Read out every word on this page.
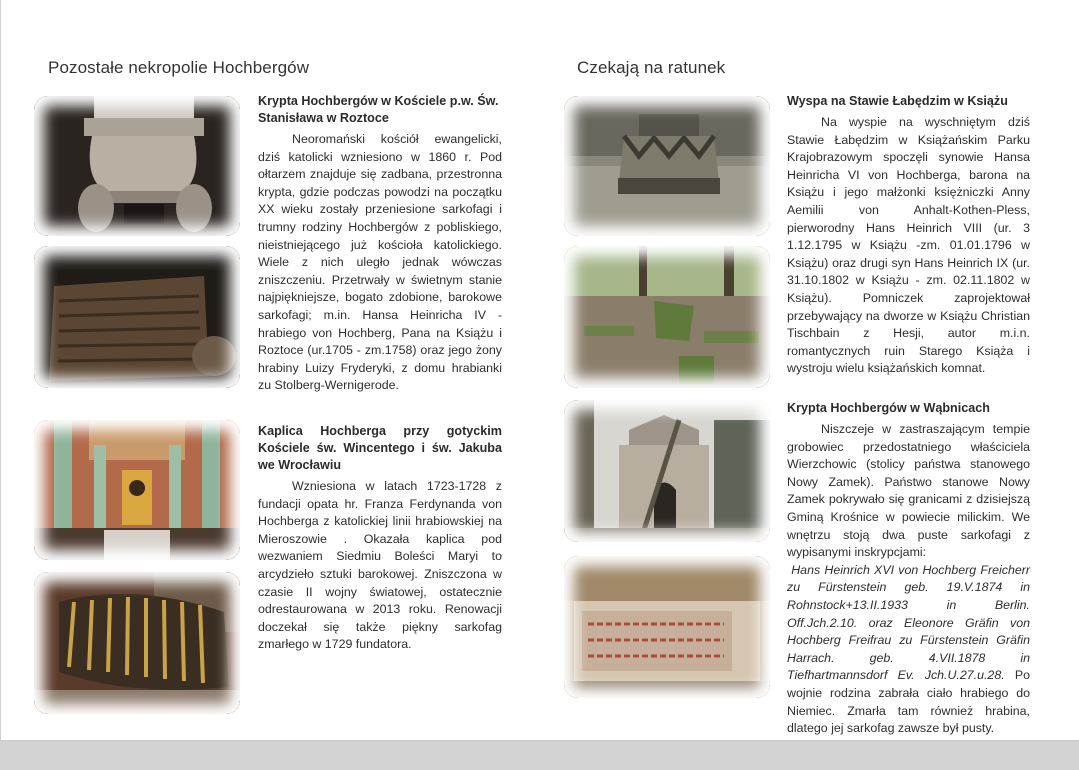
Pozostałe nekropolie Hochbergów
Krypta Hochbergów w Kościele p.w. Św. Stanisława w Roztoce

Neoromański kościół ewangelicki, dziś katolicki wzniesiono w 1860 r. Pod ołtarzem znajduje się zadbana, przestronna krypta, gdzie podczas powodzi na początku XX wieku zostały przeniesione sarkofagi i trumny rodziny Hochbergów z pobliskiego, nieistniejącego już kościoła katolickiego. Wiele z nich uległo jednak wówczas zniszczeniu. Przetrwały w świetnym stanie najpiękniejsze, bogato zdobione, barokowe sarkofagi; m.in. Hansa Heinricha IV - hrabiego von Hochberg, Pana na Książu i Roztoce (ur.1705 - zm.1758) oraz jego żony hrabiny Luizy Fryderyki, z domu hrabianki zu Stolberg-Wernigerode.

Kaplica Hochberga przy gotyckim Kościele św. Wincentego i św. Jakuba we Wrocławiu

Wzniesiona w latach 1723-1728 z fundacji opata hr. Franza Ferdynanda von Hochberga z katolickiej linii hrabiowskiej na Mieroszowie . Okazała kaplica pod wezwaniem Siedmiu Boleści Maryi to arcydzieło sztuki barokowej. Zniszczona w czasie II wojny światowej, ostatecznie odrestaurowana w 2013 roku. Renowacji doczekał się także piękny sarkofag zmarłego w 1729 fundatora.

Czekają na ratunek
Wyspa na Stawie Łabędzim w Książu

Na wyspie na wyschniętym dziś Stawie Łabędzim w Książańskim Parku Krajobrazowym spoczęli synowie Hansa Heinricha VI von Hochberga, barona na Książu i jego małżonki księżniczki Anny Aemilii von Anhalt-Kothen-Pless, pierworodny Hans Heinrich VIII (ur. 3 1.12.1795 w Książu -zm. 01.01.1796 w Książu) oraz drugi syn Hans Heinrich IX (ur. 31.10.1802 w Książu - zm. 02.11.1802 w Książu). Pomniczek zaprojektował przebywający na dworze w Książu Christian Tischbain z Hesji, autor m.i.n. romantycznych ruin Starego Książa i wystroju wielu książańskich komnat.

Krypta Hochbergów w Wąbnicach

Niszczeje w zastraszającym tempie grobowiec przedostatniego właściciela Wierzchowic (stolicy państwa stanowego Nowy Zamek). Państwo stanowe Nowy Zamek pokrywało się granicami z dzisiejszą Gminą Krośnice w powiecie milickim. We wnętrzu stoją dwa puste sarkofagi z wypisanymi inskrypcjami:

Hans Heinrich XVI von Hochberg Freicherr zu Fürstenstein geb. 19.V.1874 in Rohnstock+13.II.1933 in Berlin. Off.Jch.2.10. oraz Eleonore Gräfin von Hochberg Freifrau zu Fürstenstein Gräfin Harrach. geb. 4.VII.1878 in Tiefhartmannsdorf Ev. Jch.U.27.u.28. Po wojnie rodzina zabrała ciało hrabiego do Niemiec. Zmarła tam również hrabina, dlatego jej sarkofag zawsze był pusty.
